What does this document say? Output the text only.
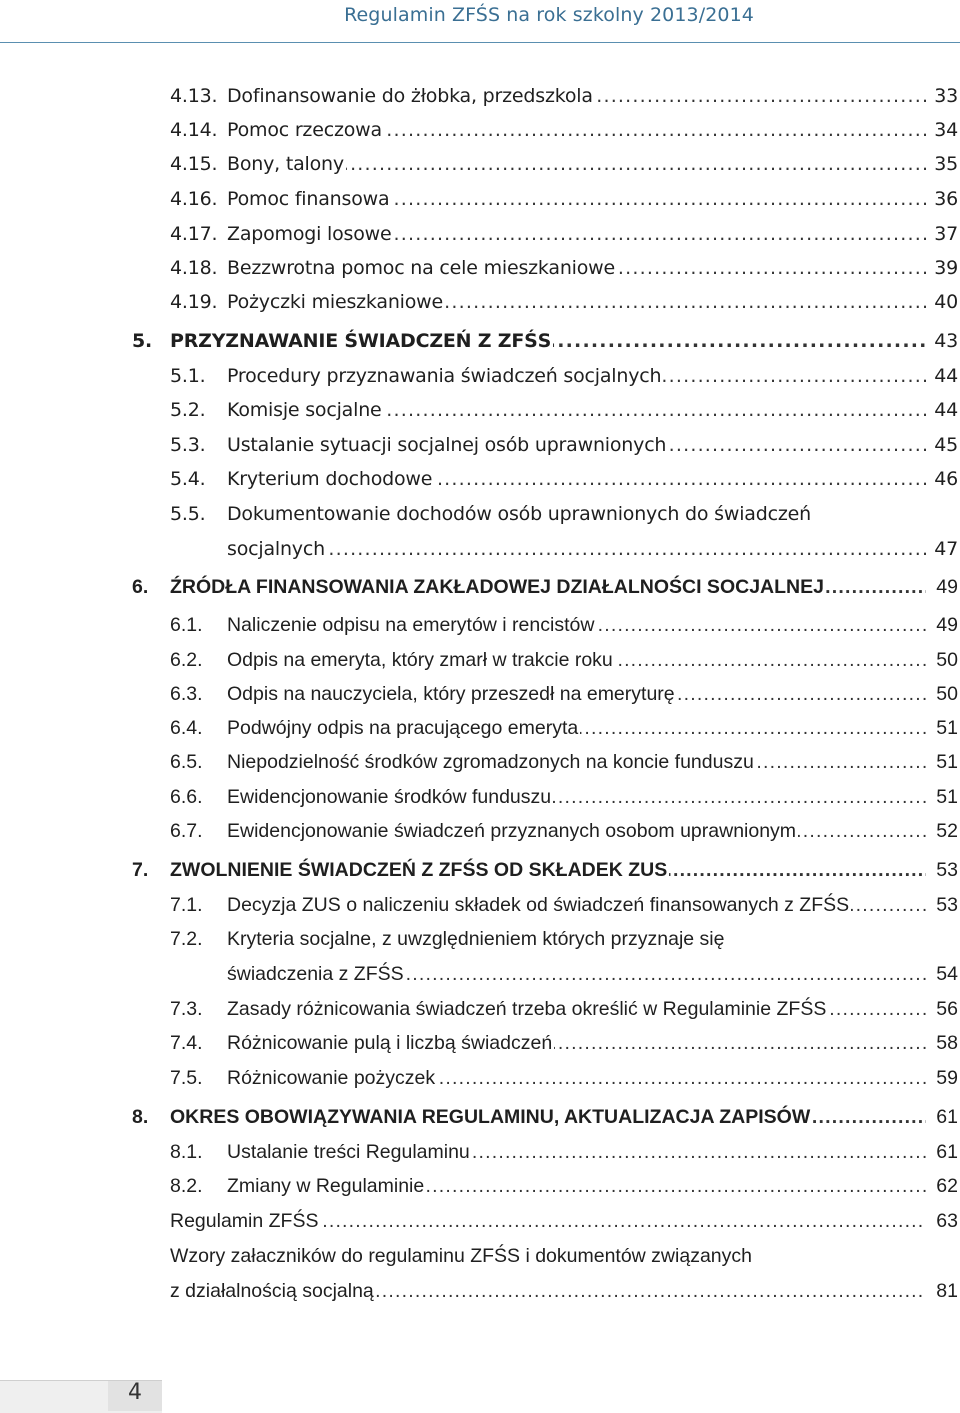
Regulamin ZFŚS na rok szkolny 2013/2014
4.13. Dofinansowanie do żłobka, przedszkola .....	33
4.14. Pomoc rzeczowa .....	34
4.15. Bony, talony .....	35
4.16. Pomoc finansowa .....	36
4.17. Zapomogi losowe .....	37
4.18. Bezzwrotna pomoc na cele mieszkaniowe .....	39
4.19. Pożyczki mieszkaniowe .....	40
5. PRZYZNAWANIE ŚWIADCZEŃ Z ZFŚS .....	43
5.1. Procedury przyznawania świadczeń socjalnych .....	44
5.2. Komisje socjalne .....	44
5.3. Ustalanie sytuacji socjalnej osób uprawnionych .....	45
5.4. Kryterium dochodowe .....	46
5.5. Dokumentowanie dochodów osób uprawnionych do świadczeń
socjalnych .....	47
6. ŹRÓDŁA FINANSOWANIA ZAKŁADOWEJ DZIAŁALNOŚCI SOCJALNEJ .....	49
6.1. Naliczenie odpisu na emerytów i rencistów .....	49
6.2. Odpis na emeryta, który zmarł w trakcie roku .....	50
6.3. Odpis na nauczyciela, który przeszedł na emeryturę .....	50
6.4. Podwójny odpis na pracującego emeryta .....	51
6.5. Niepodzielność środków zgromadzonych na koncie funduszu .....	51
6.6. Ewidencjonowanie środków funduszu .....	51
6.7. Ewidencjonowanie świadczeń przyznanych osobom uprawnionym .....	52
7. ZWOLNIENIE ŚWIADCZEŃ Z ZFŚS OD SKŁADEK ZUS .....	53
7.1. Decyzja ZUS o naliczeniu składek od świadczeń finansowanych z ZFŚS .....	53
7.2. Kryteria socjalne, z uwzględnieniem których przyznaje się
świadczenia z ZFŚS .....	54
7.3. Zasady różnicowania świadczeń trzeba określić w Regulaminie ZFŚS .....	56
7.4. Różnicowanie pulą i liczbą świadczeń .....	58
7.5. Różnicowanie pożyczek .....	59
8. OKRES OBOWIĄZYWANIA REGULAMINU, AKTUALIZACJA ZAPISÓW .....	61
8.1. Ustalanie treści Regulaminu .....	61
8.2. Zmiany w Regulaminie .....	62
Regulamin ZFŚS .....	63
Wzory załaczników do regulaminu ZFŚS i dokumentów związanych
z działalnością socjalną .....	81
4
